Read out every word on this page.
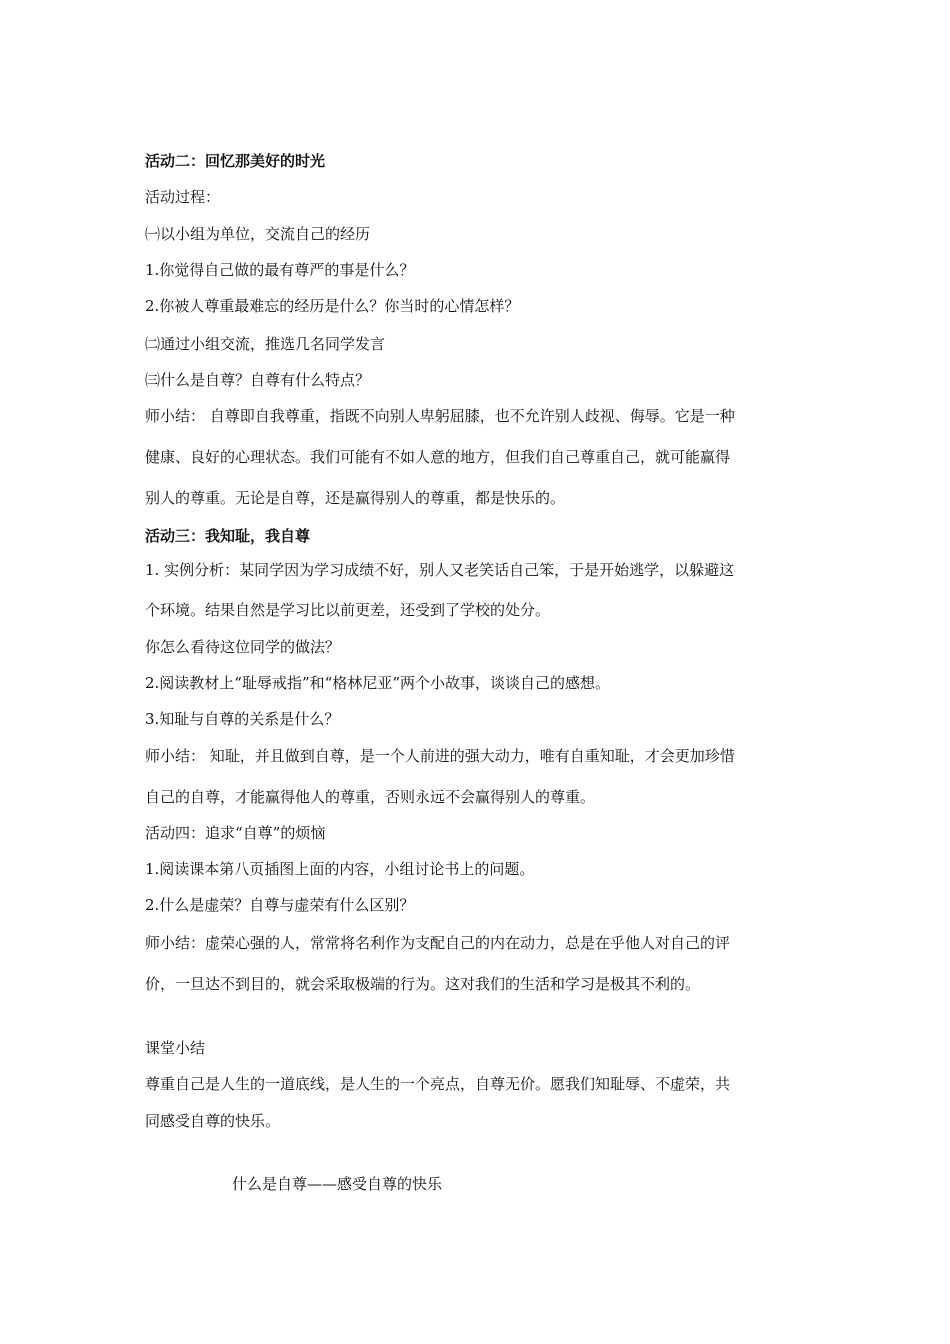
活动二：回忆那美好的时光
活动过程：
㈠以小组为单位，交流自己的经历
1.你觉得自己做的最有尊严的事是什么？
2.你被人尊重最难忘的经历是什么？你当时的心情怎样？
㈡通过小组交流，推选几名同学发言
㈢什么是自尊？自尊有什么特点？
师小结： 自尊即自我尊重，指既不向别人卑躬屈膝，也不允许别人歧视、侮辱。它是一种
健康、良好的心理状态。我们可能有不如人意的地方，但我们自己尊重自己，就可能赢得
别人的尊重。无论是自尊，还是赢得别人的尊重，都是快乐的。
活动三：我知耻，我自尊
1. 实例分析：某同学因为学习成绩不好，别人又老笑话自己笨，于是开始逃学，以躲避这
个环境。结果自然是学习比以前更差，还受到了学校的处分。
你怎么看待这位同学的做法？
2.阅读教材上“耻辱戒指”和“格林尼亚”两个小故事，谈谈自己的感想。
3.知耻与自尊的关系是什么？
师小结： 知耻，并且做到自尊，是一个人前进的强大动力，唯有自重知耻，才会更加珍惜
自己的自尊，才能赢得他人的尊重，否则永远不会赢得别人的尊重。
活动四：追求“自尊”的烦恼
1.阅读课本第八页插图上面的内容，小组讨论书上的问题。
2.什么是虚荣？自尊与虚荣有什么区别？
师小结：虚荣心强的人，常常将名利作为支配自己的内在动力，总是在乎他人对自己的评
价，一旦达不到目的，就会采取极端的行为。这对我们的生活和学习是极其不利的。
课堂小结
尊重自己是人生的一道底线，是人生的一个亮点，自尊无价。愿我们知耻辱、不虚荣，共
同感受自尊的快乐。
什么是自尊——感受自尊的快乐
